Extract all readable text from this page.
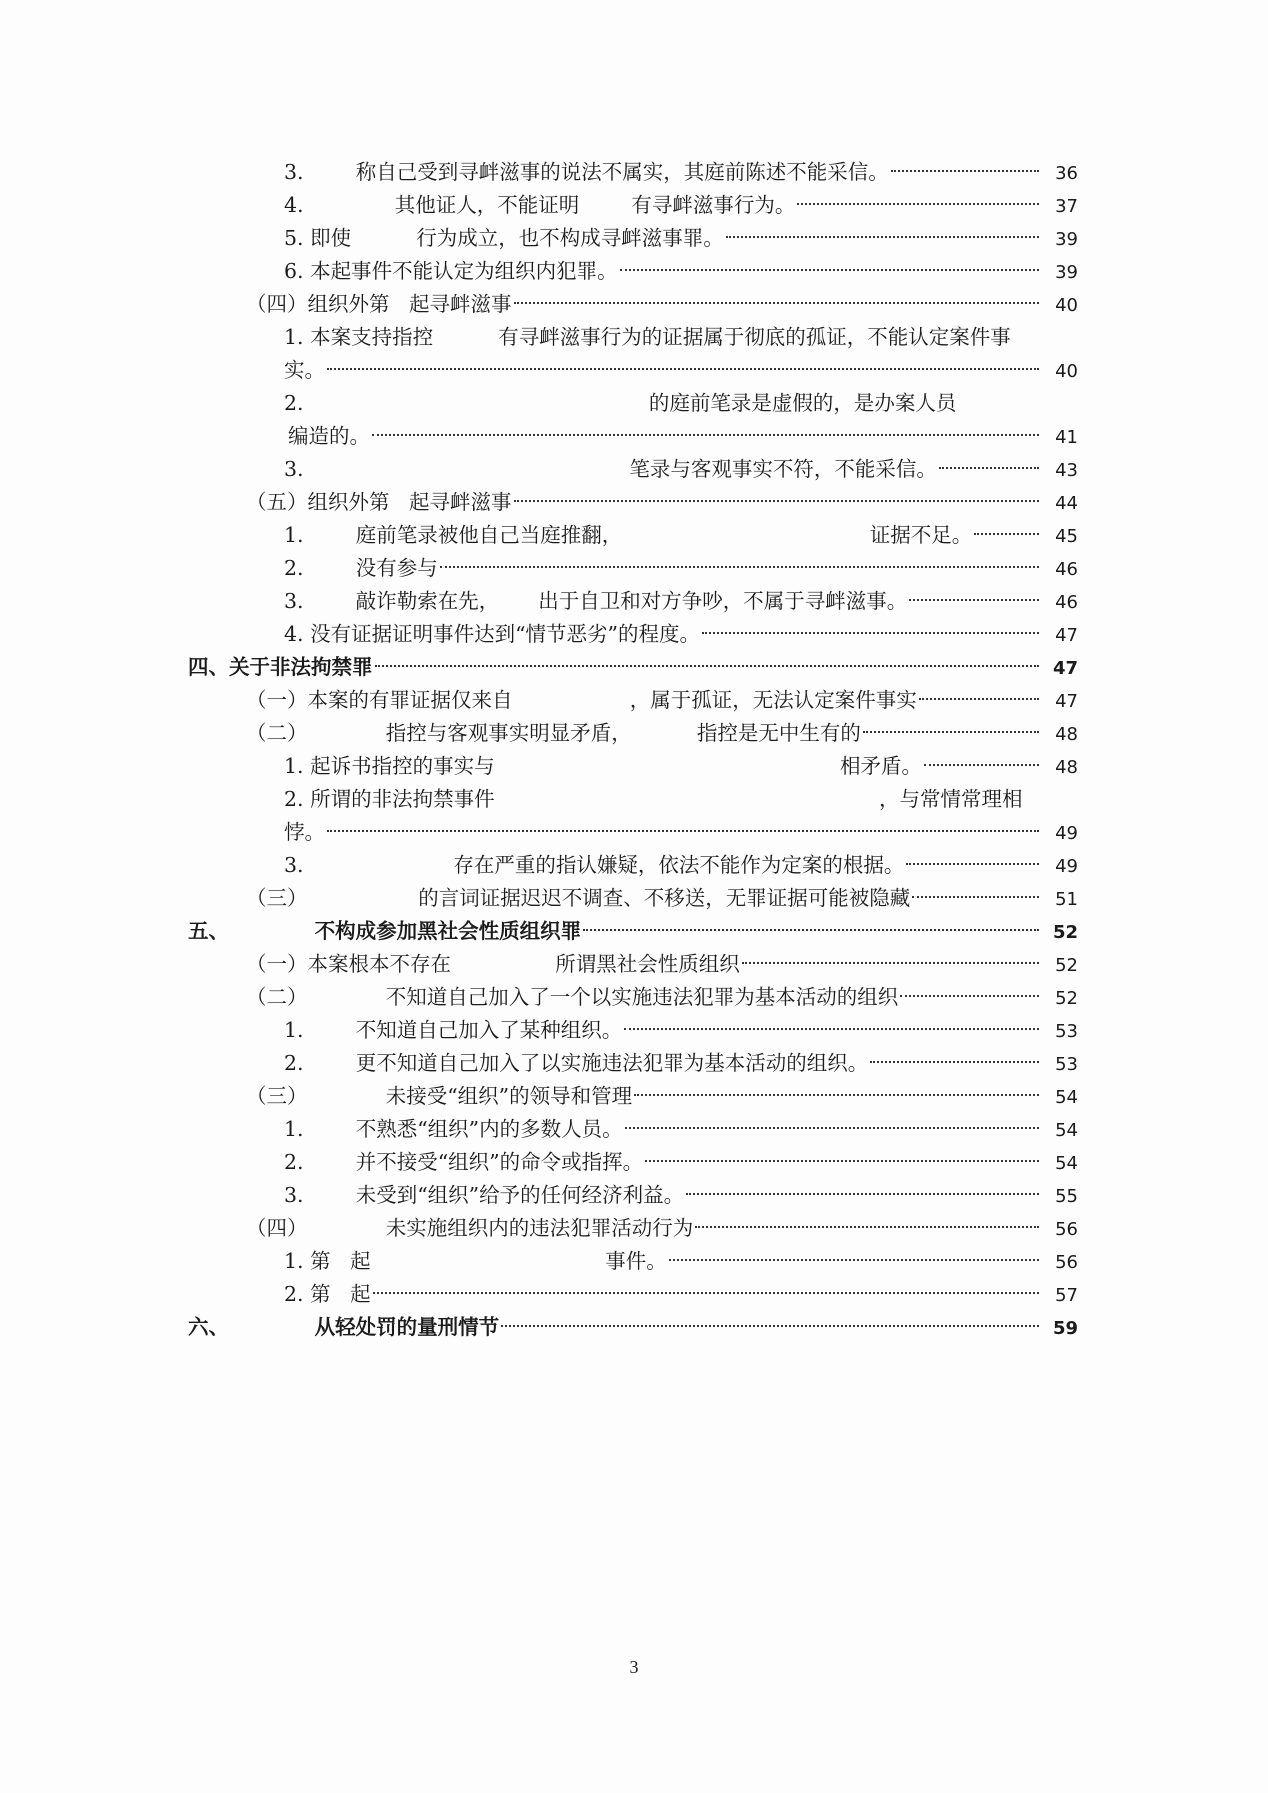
3.        称自己受到寻衅滋事的说法不属实，其庭前陈述不能采信。	36
4.              其他证人，不能证明        有寻衅滋事行为。	37
5. 即使          行为成立，也不构成寻衅滋事罪。	39
6. 本起事件不能认定为组织内犯罪。	39
（四）组织外第   起寻衅滋事	40
1. 本案支持指控          有寻衅滋事行为的证据属于彻底的孤证，不能认定案件事
实。	40
2.                                                     的庭前笔录是虚假的，是办案人员
编造的。	41
3.                                                  笔录与客观事实不符，不能采信。	43
（五）组织外第   起寻衅滋事	44
1.        庭前笔录被他自己当庭推翻，                                      证据不足。	45
2.        没有参与	46
3.        敲诈勒索在先，      出于自卫和对方争吵，不属于寻衅滋事。	46
4. 没有证据证明事件达到“情节恶劣”的程度。	47
四、关于非法拘禁罪	47
（一）本案的有罪证据仅来自                  ，属于孤证，无法认定案件事实	47
（二）            指控与客观事实明显矛盾，          指控是无中生有的	48
1. 起诉书指控的事实与                                                     相矛盾。	48
2. 所谓的非法拘禁事件                                                           ，与常情常理相
悖。	49
3.                       存在严重的指认嫌疑，依法不能作为定案的根据。	49
（三）                 的言词证据迟迟不调查、不移送，无罪证据可能被隐藏	51
五、            不构成参加黑社会性质组织罪	52
（一）本案根本不存在                所谓黑社会性质组织	52
（二）            不知道自己加入了一个以实施违法犯罪为基本活动的组织	52
1.        不知道自己加入了某种组织。	53
2.        更不知道自己加入了以实施违法犯罪为基本活动的组织。	53
（三）            未接受“组织”的领导和管理	54
1.        不熟悉“组织”内的多数人员。	54
2.        并不接受“组织”的命令或指挥。	54
3.        未受到“组织”给予的任何经济利益。	55
（四）            未实施组织内的违法犯罪活动行为	56
1. 第   起                                    事件。	56
2. 第   起	57
六、            从轻处罚的量刑情节	59
3
